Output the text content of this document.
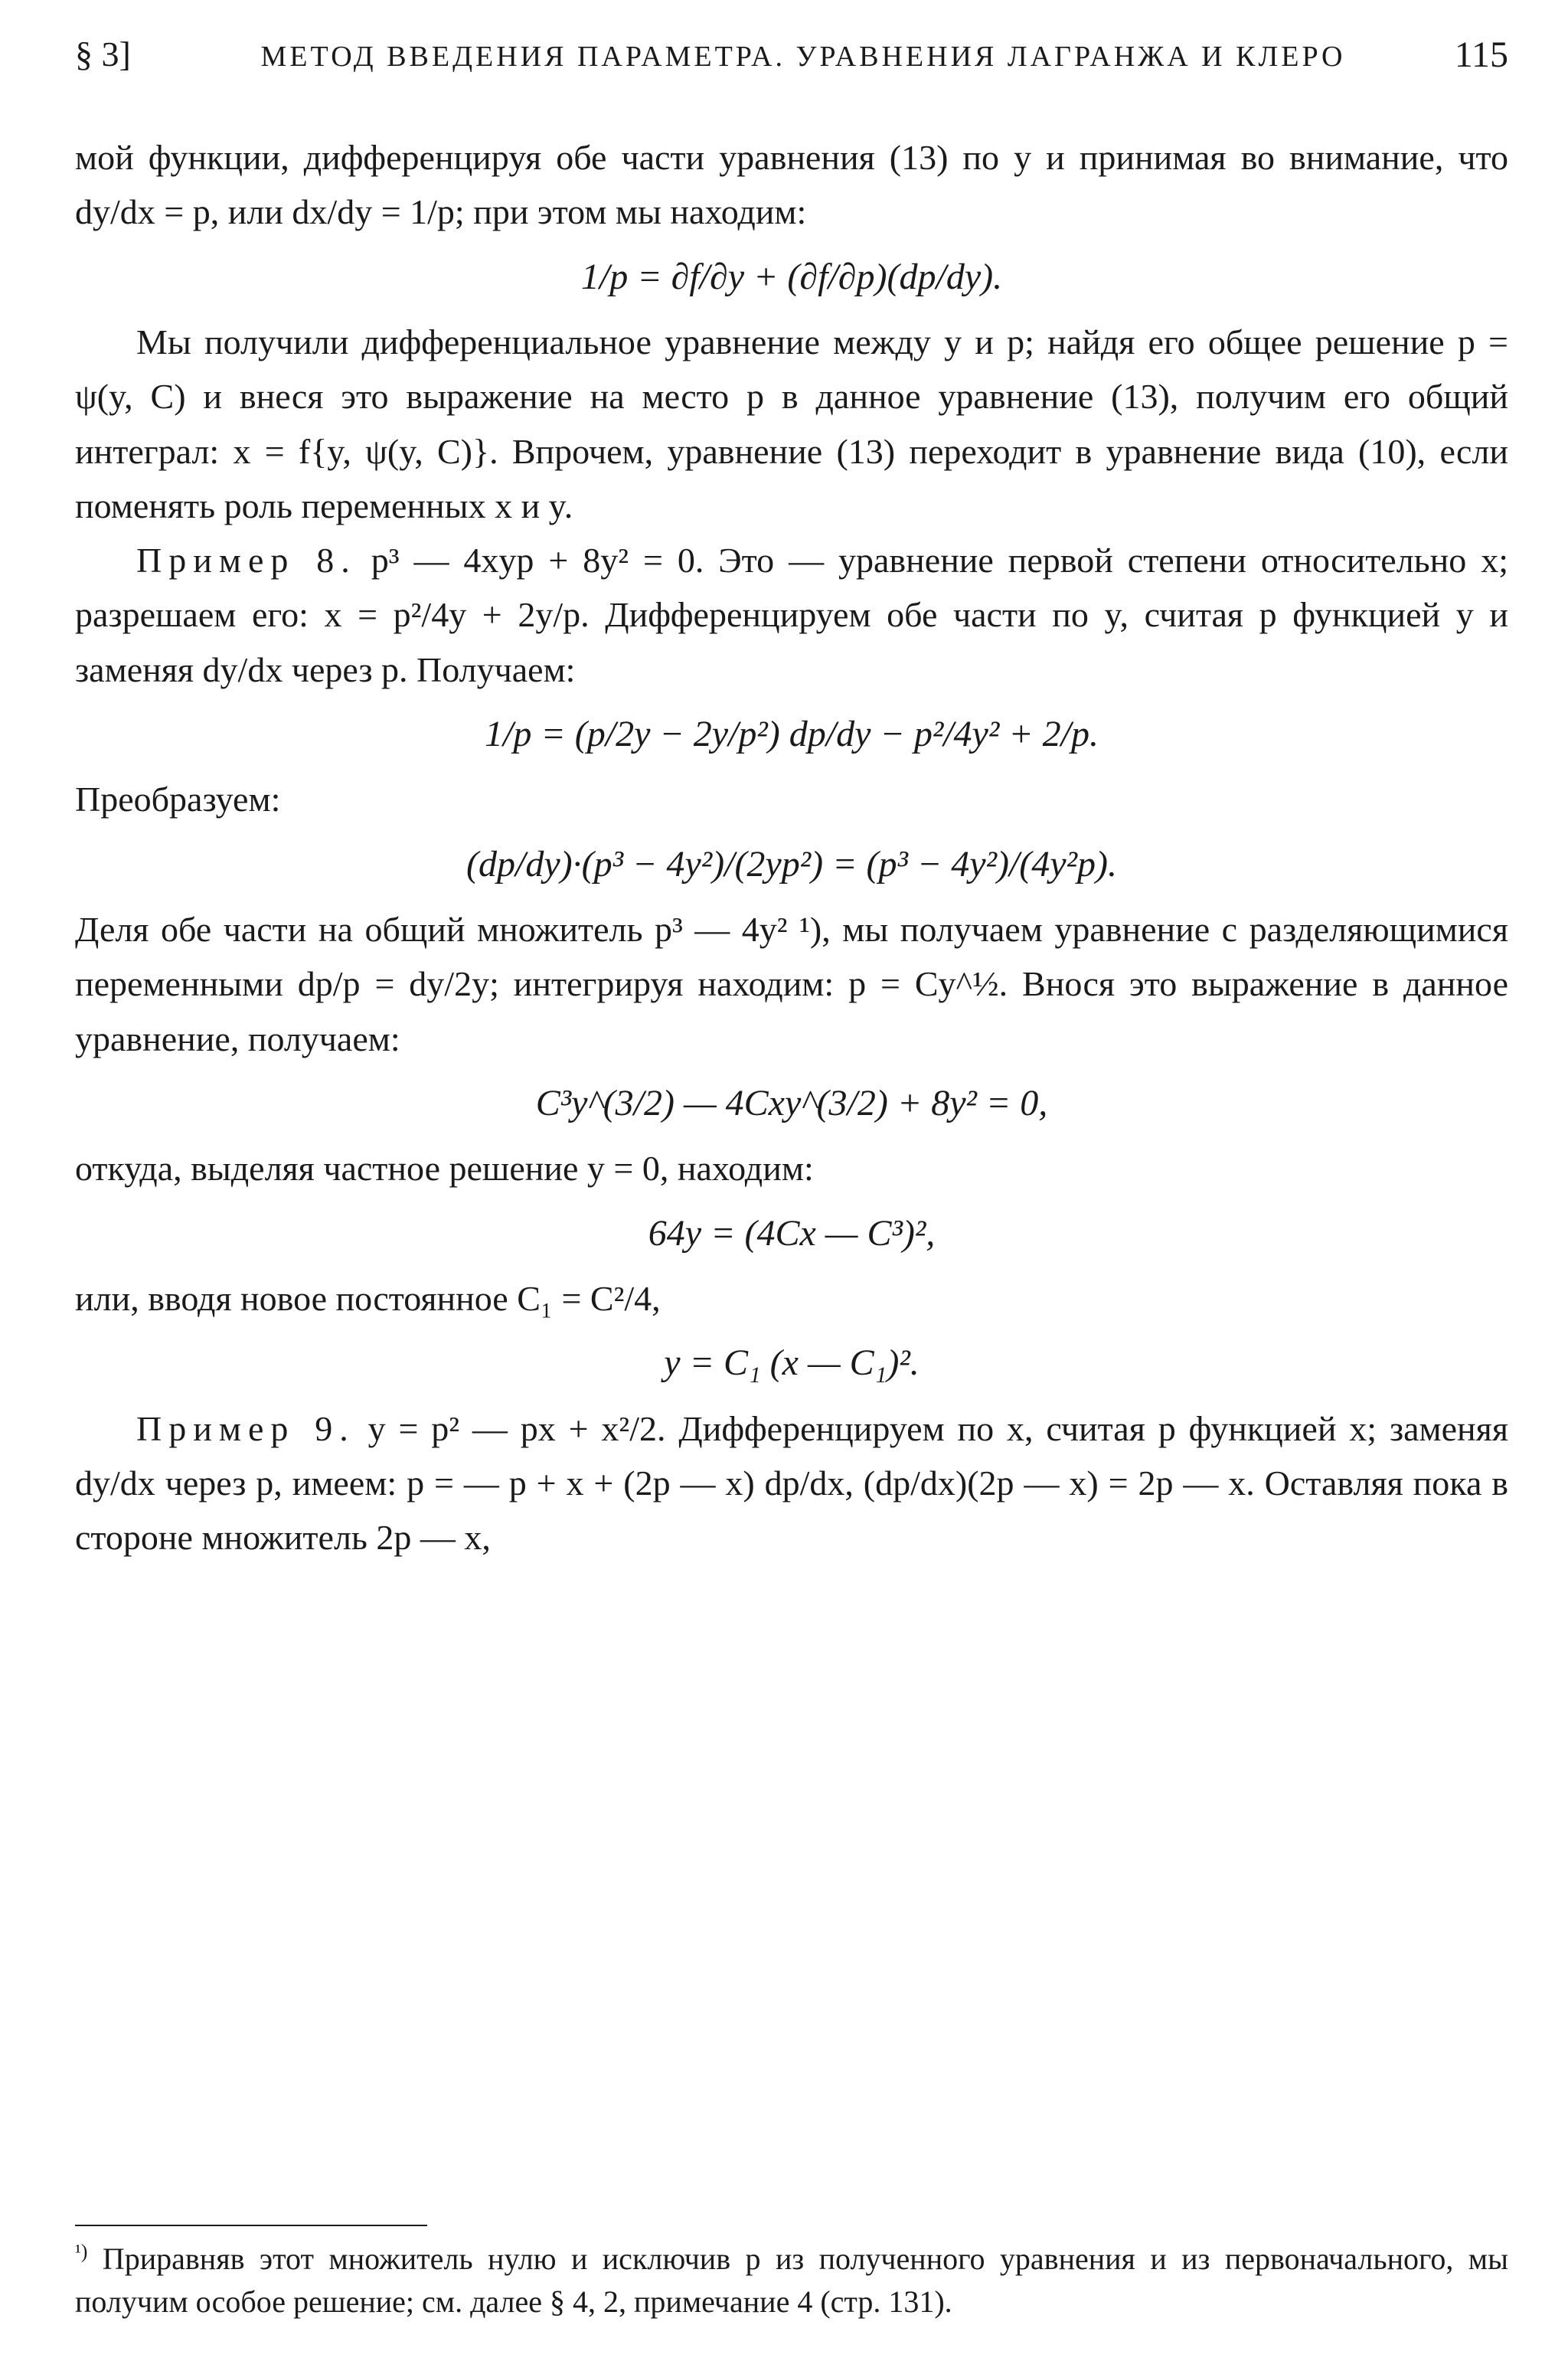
§ 3]	МЕТОД ВВЕДЕНИЯ ПАРАМЕТРА. УРАВНЕНИЯ ЛАГРАНЖА И КЛЕРО	115

мой функции, дифференцируя обе части уравнения (13) по y и принимая во внимание, что dy/dx = p, или dx/dy = 1/p; при этом мы находим:

1/p = ∂f/∂y + (∂f/∂p)(dp/dy).

Мы получили дифференциальное уравнение между y и p; найдя его общее решение p = ψ(y, C) и внеся это выражение на место p в данное уравнение (13), получим его общий интеграл: x = f{y, ψ(y, C)}. Впрочем, уравнение (13) переходит в уравнение вида (10), если поменять роль переменных x и y.

Пример 8. p³ — 4xyp + 8y² = 0. Это — уравнение первой степени относительно x; разрешаем его: x = p²/4y + 2y/p. Дифференцируем обе части по y, считая p функцией y и заменяя dy/dx через p. Получаем:

1/p = (p/2y − 2y/p²) dp/dy − p²/4y² + 2/p.

Преобразуем:

(dp/dy)·(p³ − 4y²)/(2yp²) = (p³ − 4y²)/(4y²p).

Деля обе части на общий множитель p³ — 4y² ¹), мы получаем уравнение с разделяющимися переменными dp/p = dy/2y; интегрируя находим: p = Cy^½. Внося это выражение в данное уравнение, получаем:

C³y^(3/2) — 4Cxy^(3/2) + 8y² = 0,

откуда, выделяя частное решение y = 0, находим:

64y = (4Cx — C³)²,

или, вводя новое постоянное C₁ = C²/4,

y = C₁ (x — C₁)².

Пример 9. y = p² — px + x²/2. Дифференцируем по x, считая p функцией x; заменяя dy/dx через p, имеем: p = — p + x + (2p — x) dp/dx, (dp/dx)(2p — x) = 2p — x. Оставляя пока в стороне множитель 2p — x,

$^{^1)}$ Приравняв этот множитель нулю и исключив p из полученного уравнения и из первоначального, мы получим особое решение; см. далее § 4, 2, примечание 4 (стр. 131).
